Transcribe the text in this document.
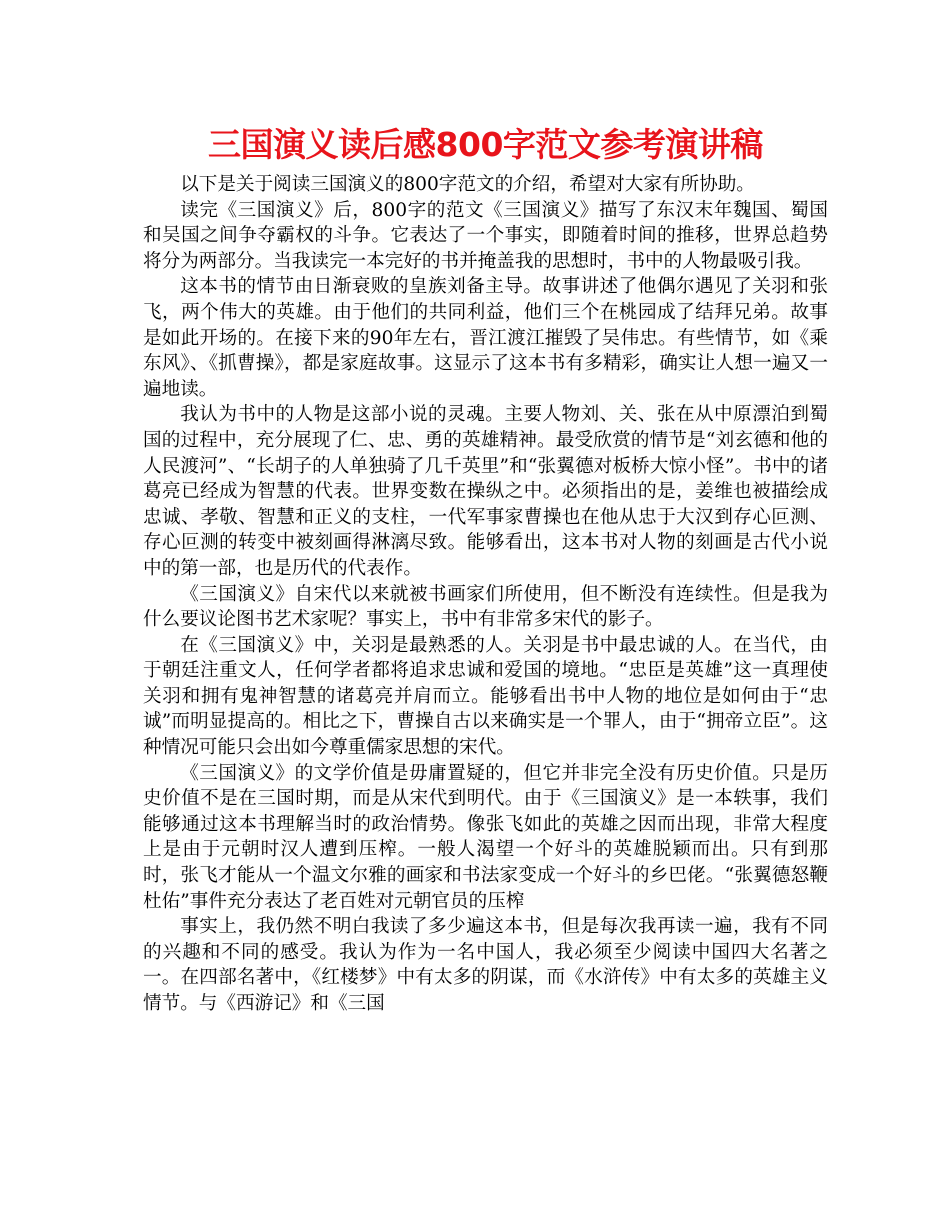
三国演义读后感800字范文参考演讲稿

以下是关于阅读三国演义的800字范文的介绍，希望对大家有所协助。

读完《三国演义》后，800字的范文《三国演义》描写了东汉末年魏国、蜀国和吴国之间争夺霸权的斗争。它表达了一个事实，即随着时间的推移，世界总趋势将分为两部分。当我读完一本完好的书并掩盖我的思想时，书中的人物最吸引我。

这本书的情节由日渐衰败的皇族刘备主导。故事讲述了他偶尔遇见了关羽和张飞，两个伟大的英雄。由于他们的共同利益，他们三个在桃园成了结拜兄弟。故事是如此开场的。在接下来的90年左右，晋江渡江摧毁了吴伟忠。有些情节，如《乘东风》、《抓曹操》，都是家庭故事。这显示了这本书有多精彩，确实让人想一遍又一遍地读。

我认为书中的人物是这部小说的灵魂。主要人物刘、关、张在从中原漂泊到蜀国的过程中，充分展现了仁、忠、勇的英雄精神。最受欣赏的情节是“刘玄德和他的人民渡河”、“长胡子的人单独骑了几千英里”和“张翼德对板桥大惊小怪”。书中的诸葛亮已经成为智慧的代表。世界变数在操纵之中。必须指出的是，姜维也被描绘成忠诚、孝敬、智慧和正义的支柱，一代军事家曹操也在他从忠于大汉到存心叵测、存心叵测的转变中被刻画得淋漓尽致。能够看出，这本书对人物的刻画是古代小说中的第一部，也是历代的代表作。

《三国演义》自宋代以来就被书画家们所使用，但不断没有连续性。但是我为什么要议论图书艺术家呢？事实上，书中有非常多宋代的影子。

在《三国演义》中，关羽是最熟悉的人。关羽是书中最忠诚的人。在当代，由于朝廷注重文人，任何学者都将追求忠诚和爱国的境地。“忠臣是英雄”这一真理使关羽和拥有鬼神智慧的诸葛亮并肩而立。能够看出书中人物的地位是如何由于“忠诚”而明显提高的。相比之下，曹操自古以来确实是一个罪人，由于“拥帝立臣”。这种情况可能只会出如今尊重儒家思想的宋代。

《三国演义》的文学价值是毋庸置疑的，但它并非完全没有历史价值。只是历史价值不是在三国时期，而是从宋代到明代。由于《三国演义》是一本轶事，我们能够通过这本书理解当时的政治情势。像张飞如此的英雄之因而出现，非常大程度上是由于元朝时汉人遭到压榨。一般人渴望一个好斗的英雄脱颖而出。只有到那时，张飞才能从一个温文尔雅的画家和书法家变成一个好斗的乡巴佬。“张翼德怒鞭杜佑”事件充分表达了老百姓对元朝官员的压榨

事实上，我仍然不明白我读了多少遍这本书，但是每次我再读一遍，我有不同的兴趣和不同的感受。我认为作为一名中国人，我必须至少阅读中国四大名著之一。在四部名著中，《红楼梦》中有太多的阴谋，而《水浒传》中有太多的英雄主义情节。与《西游记》和《三国
